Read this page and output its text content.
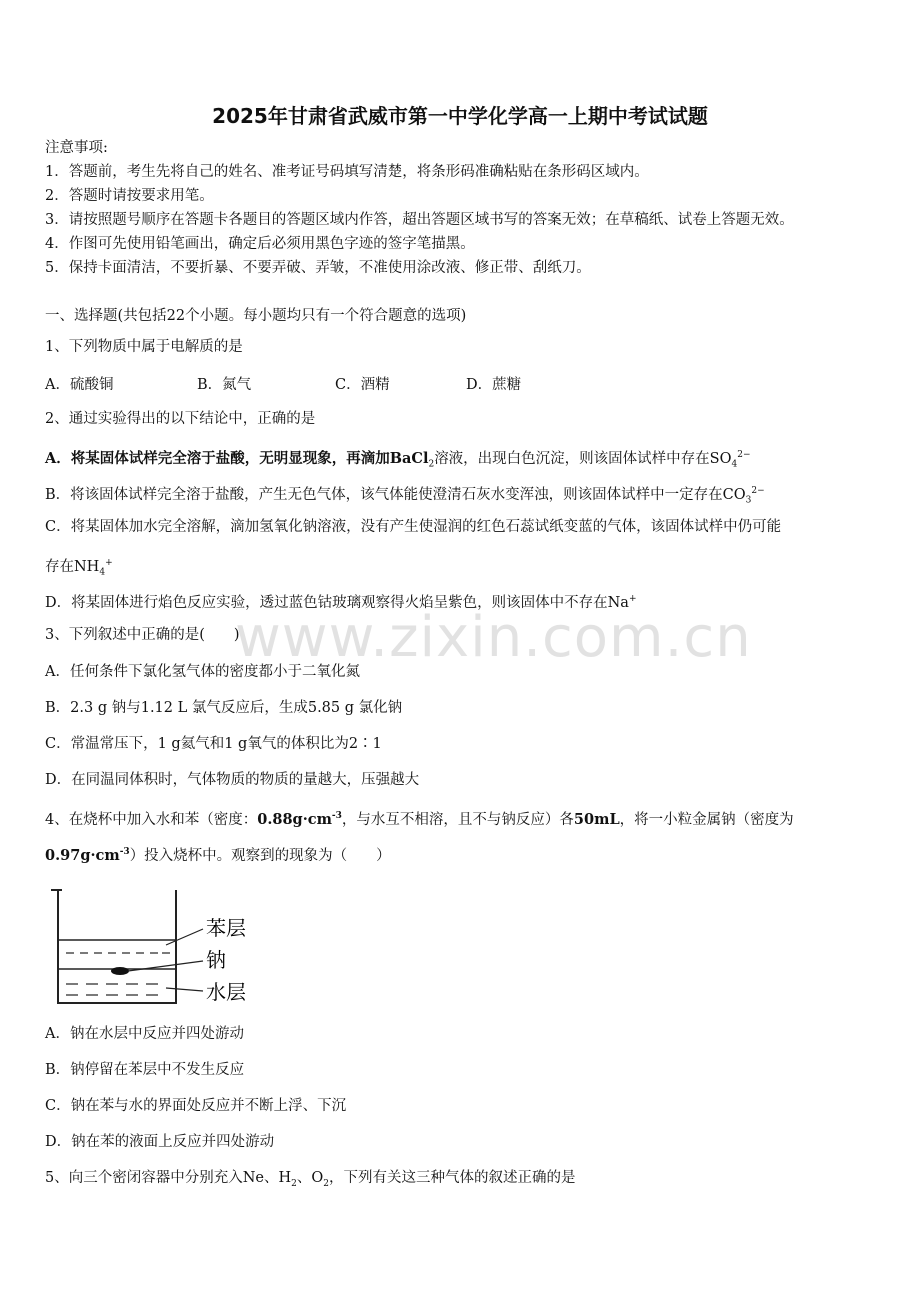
2025年甘肃省武威市第一中学化学高一上期中考试试题
注意事项:
1．答题前，考生先将自己的姓名、准考证号码填写清楚，将条形码准确粘贴在条形码区域内。
2．答题时请按要求用笔。
3．请按照题号顺序在答题卡各题目的答题区域内作答，超出答题区域书写的答案无效；在草稿纸、试卷上答题无效。
4．作图可先使用铅笔画出，确定后必须用黑色字迹的签字笔描黑。
5．保持卡面清洁，不要折暴、不要弄破、弄皱，不准使用涂改液、修正带、刮纸刀。
一、选择题(共包括22个小题。每小题均只有一个符合题意的选项)
1、下列物质中属于电解质的是
A．硫酸铜	B．氮气	C．酒精	D．蔗糖
2、通过实验得出的以下结论中，正确的是
A．将某固体试样完全溶于盐酸，无明显现象，再滴加BaCl$_2$溶液，出现白色沉淀，则该固体试样中存在$SO_4^{2-}$
B．将该固体试样完全溶于盐酸，产生无色气体，该气体能使澄清石灰水变浑浊，则该固体试样中一定存在$CO_3^{2-}$
C．将某固体加水完全溶解，滴加氢氧化钠溶液，没有产生使湿润的红色石蕊试纸变蓝的气体，该固体试样中仍可能
存在$NH_4^+$
D．将某固体进行焰色反应实验，透过蓝色钴玻璃观察得火焰呈紫色，则该固体中不存在Na+
3、下列叙述中正确的是(　　)
A．任何条件下氯化氢气体的密度都小于二氧化氮
B．2.3 g 钠与1.12 L 氯气反应后，生成5.85 g 氯化钠
C．常温常压下，1 g氦气和1 g氧气的体积比为2∶1
D．在同温同体积时，气体物质的物质的量越大，压强越大
4、在烧杯中加入水和苯（密度：$0.88g\cdot cm^{-3}$，与水互不相溶，且不与钠反应）各50mL，将一小粒金属钠（密度为
$0.97g\cdot cm^{-3}$）投入烧杯中。观察到的现象为（　　）
苯层
钠
水层
A．钠在水层中反应并四处游动
B．钠停留在苯层中不发生反应
C．钠在苯与水的界面处反应并不断上浮、下沉
D．钠在苯的液面上反应并四处游动
5、向三个密闭容器中分别充入Ne、$H_2$、$O_2$，下列有关这三种气体的叙述正确的是
www.zixin.com.cn
